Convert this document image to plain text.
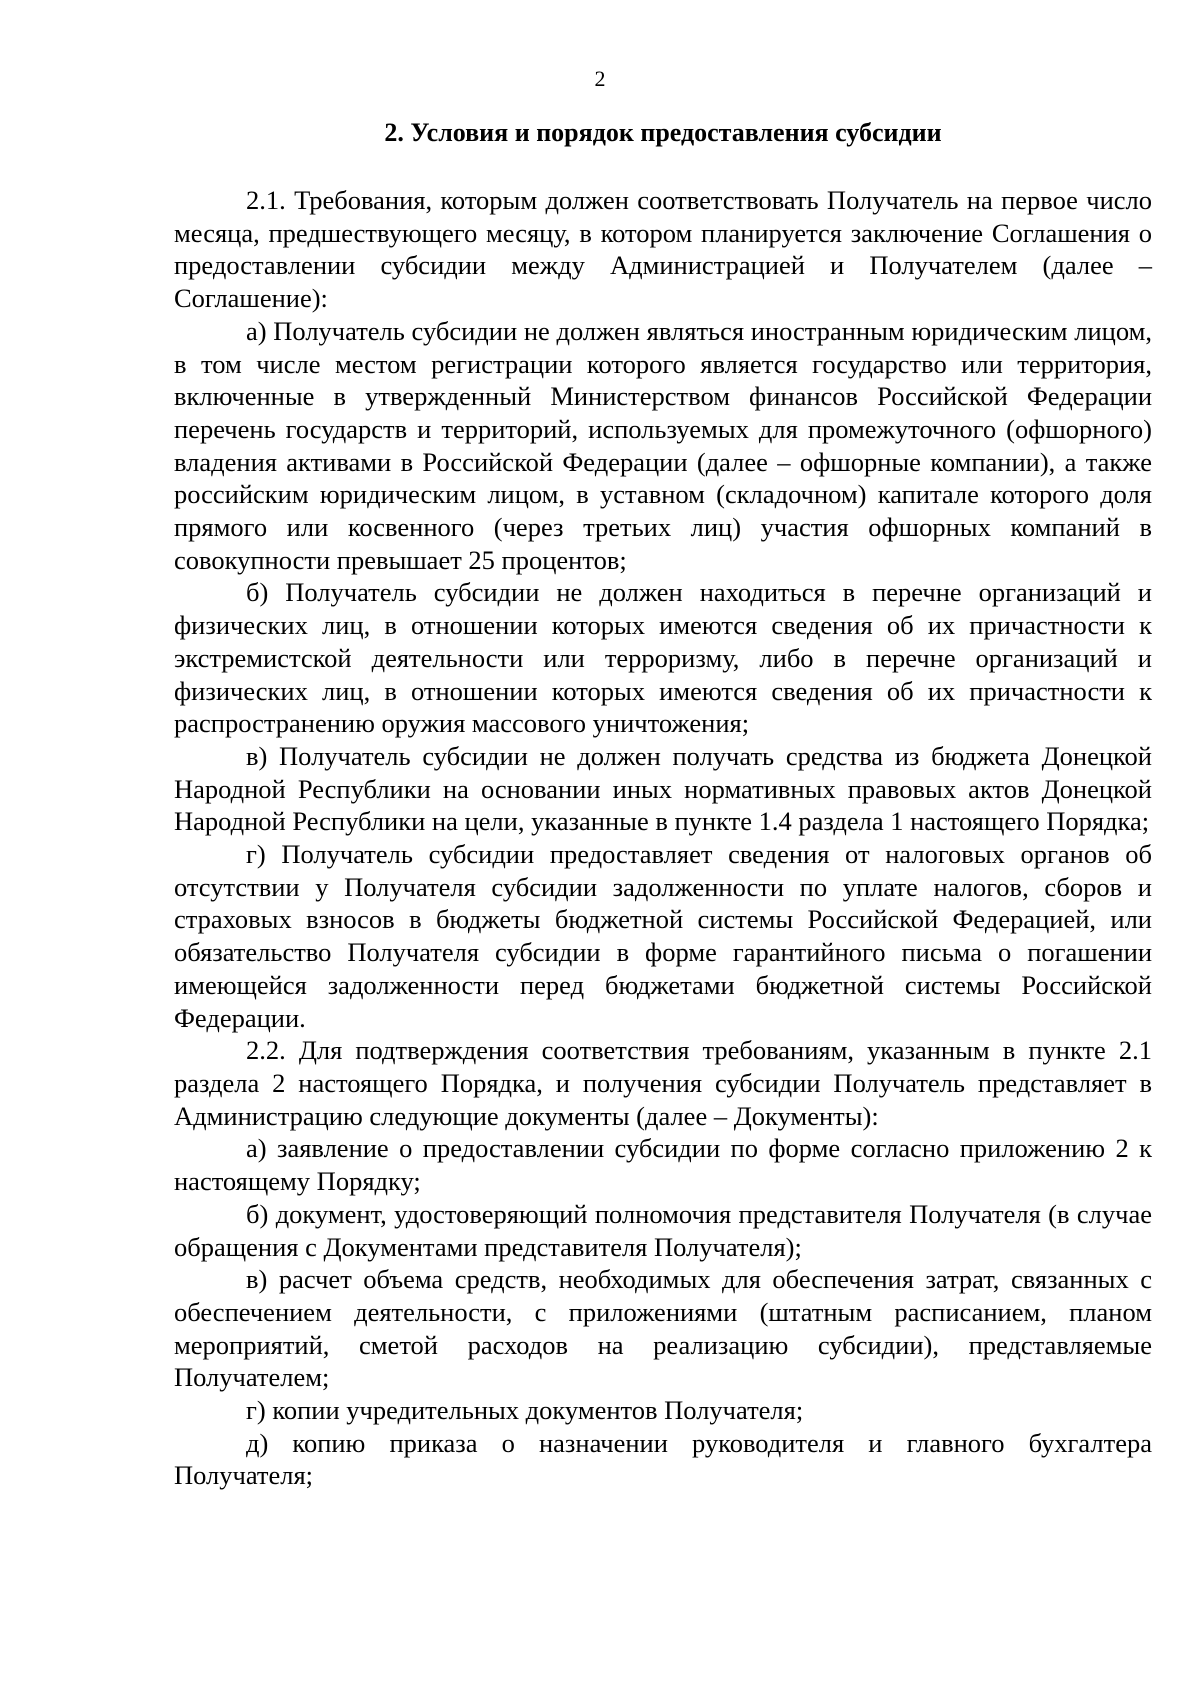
2
2. Условия и порядок предоставления субсидии

2.1. Требования, которым должен соответствовать Получатель на первое число месяца, предшествующего месяцу, в котором планируется заключение Соглашения о предоставлении субсидии между Администрацией и Получателем (далее – Соглашение):

а) Получатель субсидии не должен являться иностранным юридическим лицом, в том числе местом регистрации которого является государство или территория, включенные в утвержденный Министерством финансов Российской Федерации перечень государств и территорий, используемых для промежуточного (офшорного) владения активами в Российской Федерации (далее – офшорные компании), а также российским юридическим лицом, в уставном (складочном) капитале которого доля прямого или косвенного (через третьих лиц) участия офшорных компаний в совокупности превышает 25 процентов;

б) Получатель субсидии не должен находиться в перечне организаций и физических лиц, в отношении которых имеются сведения об их причастности к экстремистской деятельности или терроризму, либо в перечне организаций и физических лиц, в отношении которых имеются сведения об их причастности к распространению оружия массового уничтожения;

в) Получатель субсидии не должен получать средства из бюджета Донецкой Народной Республики на основании иных нормативных правовых актов Донецкой Народной Республики на цели, указанные в пункте 1.4 раздела 1 настоящего Порядка;

г) Получатель субсидии предоставляет сведения от налоговых органов об отсутствии у Получателя субсидии задолженности по уплате налогов, сборов и страховых взносов в бюджеты бюджетной системы Российской Федерацией, или обязательство Получателя субсидии в форме гарантийного письма о погашении имеющейся задолженности перед бюджетами бюджетной системы Российской Федерации.

2.2. Для подтверждения соответствия требованиям, указанным в пункте 2.1 раздела 2 настоящего Порядка, и получения субсидии Получатель представляет в Администрацию следующие документы (далее – Документы):

а) заявление о предоставлении субсидии по форме согласно приложению 2 к настоящему Порядку;

б) документ, удостоверяющий полномочия представителя Получателя (в случае обращения с Документами представителя Получателя);

в) расчет объема средств, необходимых для обеспечения затрат, связанных с обеспечением деятельности, с приложениями (штатным расписанием, планом мероприятий, сметой расходов на реализацию субсидии), представляемые Получателем;

г) копии учредительных документов Получателя;

д) копию приказа о назначении руководителя и главного бухгалтера Получателя;
